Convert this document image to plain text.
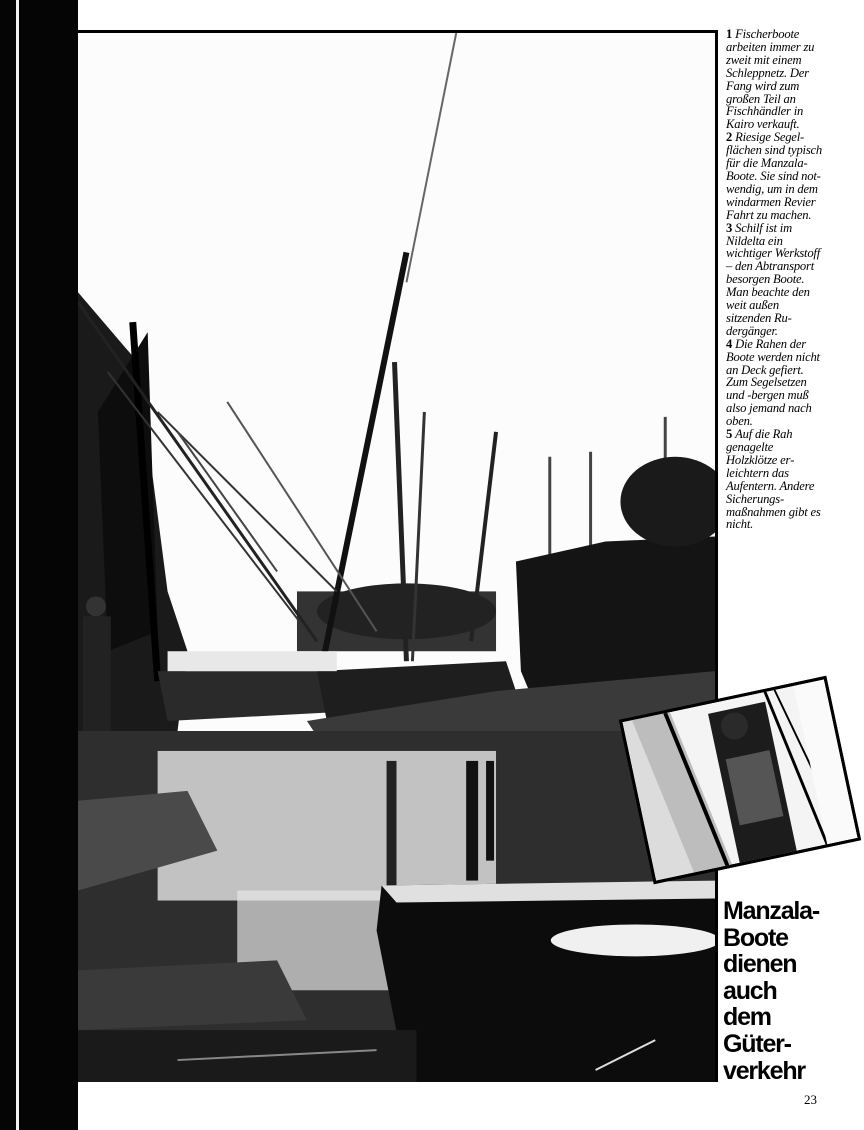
1 Fischerboote arbeiten immer zu zweit mit einem Schleppnetz. Der Fang wird zum großen Teil an Fischhändler in Kairo verkauft.

2 Riesige Segelflächen sind typisch für die Manzala-Boote. Sie sind notwendig, um in dem windarmen Revier Fahrt zu machen.

3 Schilf ist im Nildelta ein wichtiger Werkstoff – den Abtransport besorgen Boote. Man beachte den weit außen sitzenden Rudergänger.

4 Die Rahen der Boote werden nicht an Deck gefiert. Zum Segelsetzen und -bergen muß also jemand nach oben.

5 Auf die Rah genagelte Holzklötze erleichtern das Aufentern. Andere Sicherungsmaßnahmen gibt es nicht.

Manzala-
Boote
dienen
auch
dem
Güter-
verkehr
23
